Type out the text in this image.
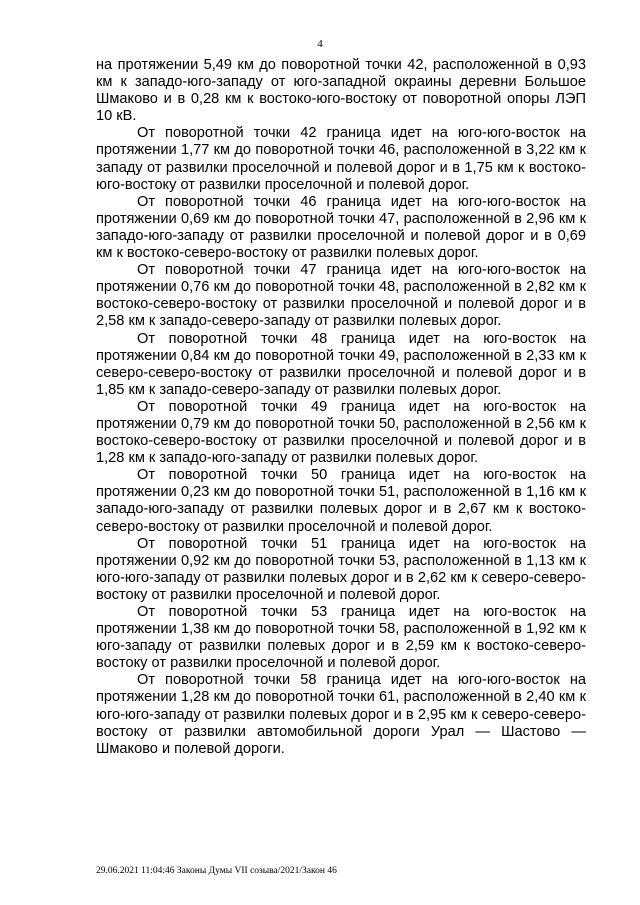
4

на протяжении 5,49 км до поворотной точки 42, расположенной в 0,93 км к западо-юго-западу от юго-западной окраины деревни Большое Шмаково и в 0,28 км к востоко-юго-востоку от поворотной опоры ЛЭП 10 кВ.

От поворотной точки 42 граница идет на юго-юго-восток на протяжении 1,77 км до поворотной точки 46, расположенной в 3,22 км к западу от развилки проселочной и полевой дорог и в 1,75 км к востоко-юго-востоку от развилки проселочной и полевой дорог.

От поворотной точки 46 граница идет на юго-юго-восток на протяжении 0,69 км до поворотной точки 47, расположенной в 2,96 км к западо-юго-западу от развилки проселочной и полевой дорог и в 0,69 км к востоко-северо-востоку от развилки полевых дорог.

От поворотной точки 47 граница идет на юго-юго-восток на протяжении 0,76 км до поворотной точки 48, расположенной в 2,82 км к востоко-северо-востоку от развилки проселочной и полевой дорог и в 2,58 км к западо-северо-западу от развилки полевых дорог.

От поворотной точки 48 граница идет на юго-восток на протяжении 0,84 км до поворотной точки 49, расположенной в 2,33 км к северо-северо-востоку от развилки проселочной и полевой дорог и в 1,85 км к западо-северо-западу от развилки полевых дорог.

От поворотной точки 49 граница идет на юго-восток на протяжении 0,79 км до поворотной точки 50, расположенной в 2,56 км к востоко-северо-востоку от развилки проселочной и полевой дорог и в 1,28 км к западо-юго-западу от развилки полевых дорог.

От поворотной точки 50 граница идет на юго-восток на протяжении 0,23 км до поворотной точки 51, расположенной в 1,16 км к западо-юго-западу от развилки полевых дорог и в 2,67 км к востоко-северо-востоку от развилки проселочной и полевой дорог.

От поворотной точки 51 граница идет на юго-восток на протяжении 0,92 км до поворотной точки 53, расположенной в 1,13 км к юго-юго-западу от развилки полевых дорог и в 2,62 км к северо-северо-востоку от развилки проселочной и полевой дорог.

От поворотной точки 53 граница идет на юго-восток на протяжении 1,38 км до поворотной точки 58, расположенной в 1,92 км к юго-западу от развилки полевых дорог и в 2,59 км к востоко-северо-востоку от развилки проселочной и полевой дорог.

От поворотной точки 58 граница идет на юго-юго-восток на протяжении 1,28 км до поворотной точки 61, расположенной в 2,40 км к юго-юго-западу от развилки полевых дорог и в 2,95 км к северо-северо-востоку от развилки автомобильной дороги Урал — Шастово — Шмаково и полевой дороги.

29.06.2021 11:04:46 Законы Думы VII созыва/2021/Закон 46
